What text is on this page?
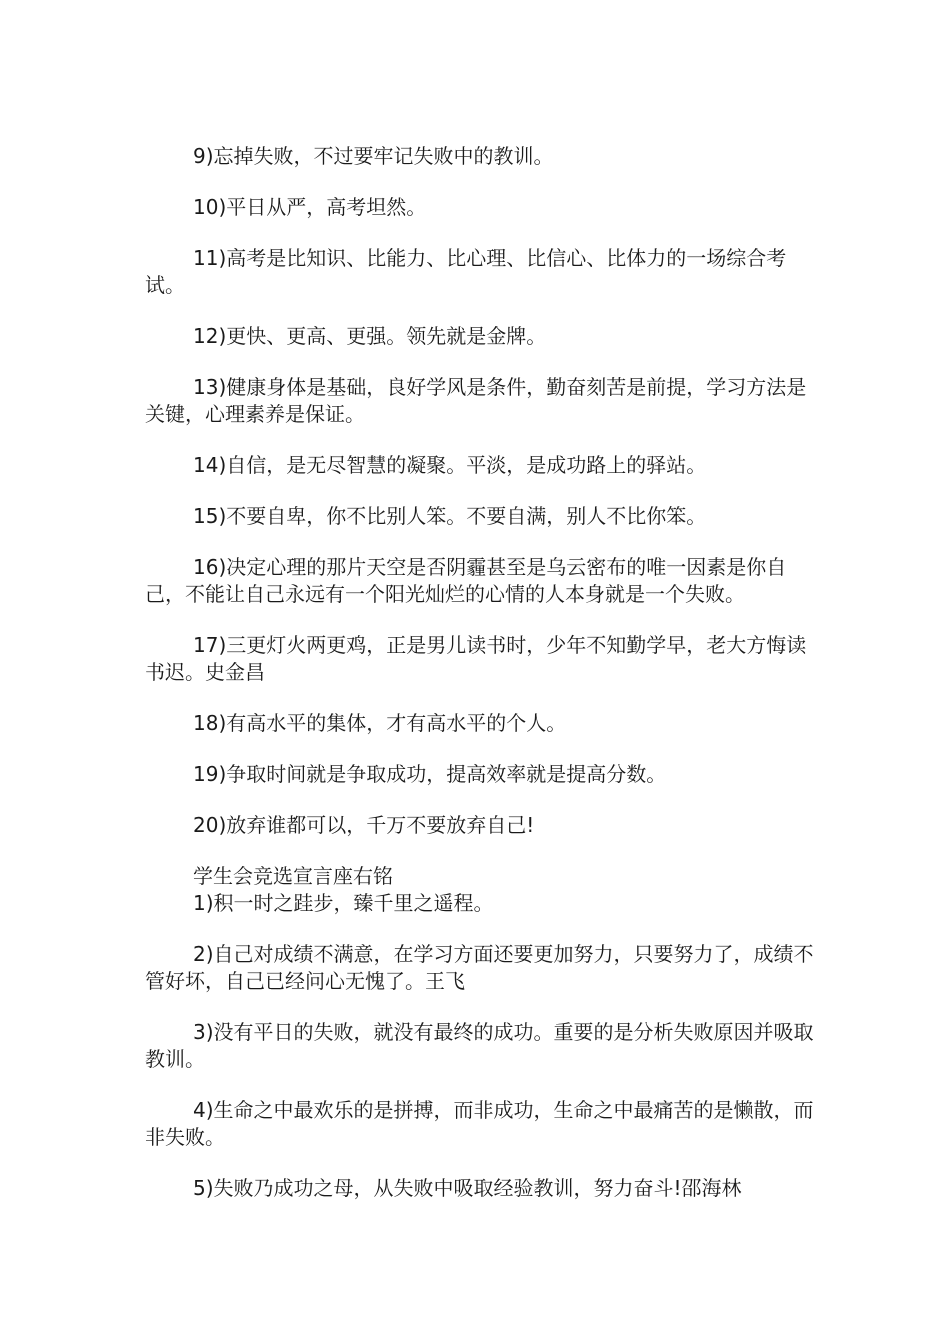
9)忘掉失败，不过要牢记失败中的教训。

10)平日从严，高考坦然。

11)高考是比知识、比能力、比心理、比信心、比体力的一场综合考试。

12)更快、更高、更强。领先就是金牌。

13)健康身体是基础，良好学风是条件，勤奋刻苦是前提，学习方法是关键，心理素养是保证。

14)自信，是无尽智慧的凝聚。平淡，是成功路上的驿站。

15)不要自卑，你不比别人笨。不要自满，别人不比你笨。

16)决定心理的那片天空是否阴霾甚至是乌云密布的唯一因素是你自己，不能让自己永远有一个阳光灿烂的心情的人本身就是一个失败。

17)三更灯火两更鸡，正是男儿读书时，少年不知勤学早，老大方悔读书迟。史金昌

18)有高水平的集体，才有高水平的个人。

19)争取时间就是争取成功，提高效率就是提高分数。

20)放弃谁都可以，千万不要放弃自己!

学生会竞选宣言座右铭

1)积一时之跬步，臻千里之遥程。

2)自己对成绩不满意，在学习方面还要更加努力，只要努力了，成绩不管好坏，自己已经问心无愧了。王飞

3)没有平日的失败，就没有最终的成功。重要的是分析失败原因并吸取教训。

4)生命之中最欢乐的是拼搏，而非成功，生命之中最痛苦的是懒散，而非失败。

5)失败乃成功之母，从失败中吸取经验教训，努力奋斗!邵海林
